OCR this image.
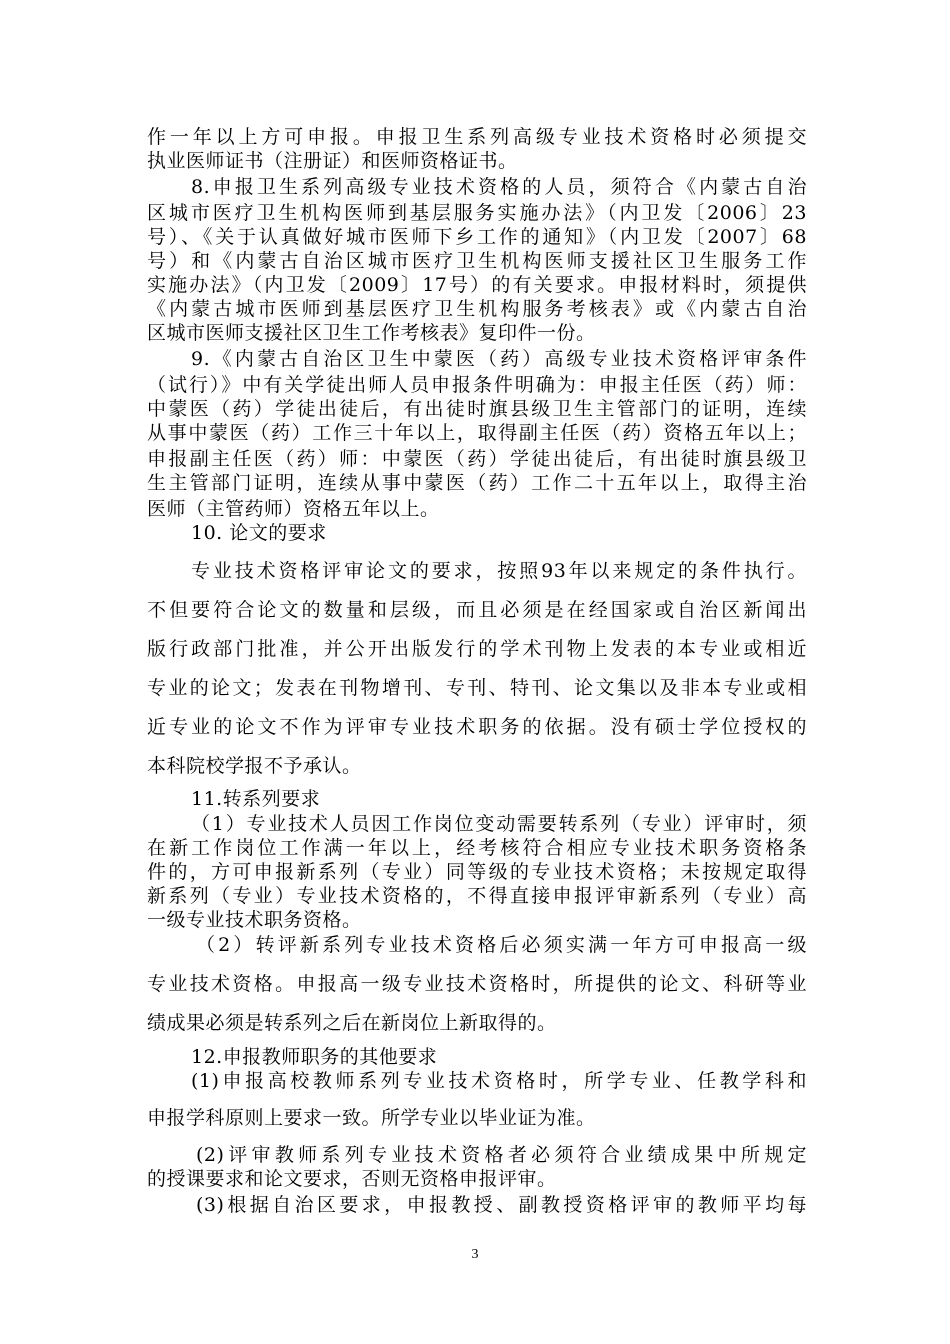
作一年以上方可申报。申报卫生系列高级专业技术资格时必须提交
执业医师证书（注册证）和医师资格证书。
8.申报卫生系列高级专业技术资格的人员，须符合《内蒙古自治
区城市医疗卫生机构医师到基层服务实施办法》（内卫发〔2006〕23
号）、《关于认真做好城市医师下乡工作的通知》（内卫发〔2007〕68
号）和《内蒙古自治区城市医疗卫生机构医师支援社区卫生服务工作
实施办法》（内卫发〔2009〕17号）的有关要求。申报材料时，须提供
《内蒙古城市医师到基层医疗卫生机构服务考核表》或《内蒙古自治
区城市医师支援社区卫生工作考核表》复印件一份。
9.《内蒙古自治区卫生中蒙医（药）高级专业技术资格评审条件
（试行）》中有关学徒出师人员申报条件明确为：申报主任医（药）师：
中蒙医（药）学徒出徒后，有出徒时旗县级卫生主管部门的证明，连续
从事中蒙医（药）工作三十年以上，取得副主任医（药）资格五年以上；
申报副主任医（药）师：中蒙医（药）学徒出徒后，有出徒时旗县级卫
生主管部门证明，连续从事中蒙医（药）工作二十五年以上，取得主治
医师（主管药师）资格五年以上。
10. 论文的要求
专业技术资格评审论文的要求，按照93年以来规定的条件执行。
不但要符合论文的数量和层级，而且必须是在经国家或自治区新闻出
版行政部门批准，并公开出版发行的学术刊物上发表的本专业或相近
专业的论文；发表在刊物增刊、专刊、特刊、论文集以及非本专业或相
近专业的论文不作为评审专业技术职务的依据。没有硕士学位授权的
本科院校学报不予承认。
11.转系列要求
（1）专业技术人员因工作岗位变动需要转系列（专业）评审时，须
在新工作岗位工作满一年以上，经考核符合相应专业技术职务资格条
件的，方可申报新系列（专业）同等级的专业技术资格；未按规定取得
新系列（专业）专业技术资格的，不得直接申报评审新系列（专业）高
一级专业技术职务资格。
（2）转评新系列专业技术资格后必须实满一年方可申报高一级
专业技术资格。申报高一级专业技术资格时，所提供的论文、科研等业
绩成果必须是转系列之后在新岗位上新取得的。
12.申报教师职务的其他要求
(1)申报高校教师系列专业技术资格时，所学专业、任教学科和
申报学科原则上要求一致。所学专业以毕业证为准。
(2)评审教师系列专业技术资格者必须符合业绩成果中所规定
的授课要求和论文要求，否则无资格申报评审。
(3)根据自治区要求，申报教授、副教授资格评审的教师平均每
3
